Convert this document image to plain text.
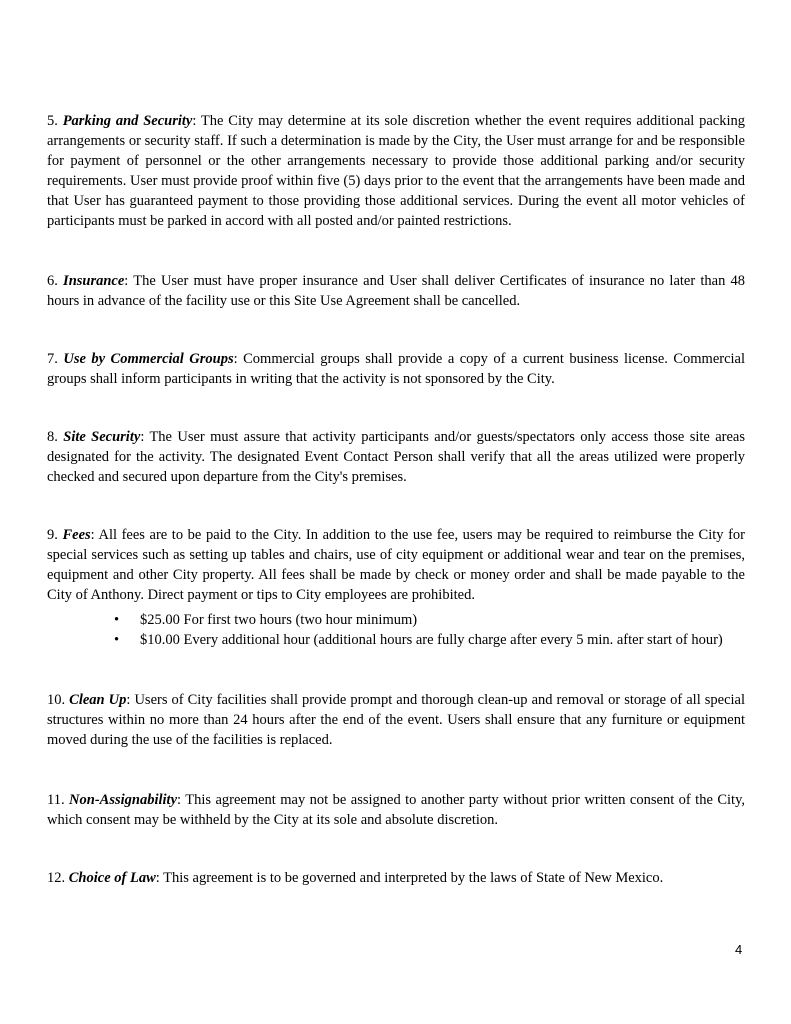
5. Parking and Security: The City may determine at its sole discretion whether the event requires additional packing arrangements or security staff. If such a determination is made by the City, the User must arrange for and be responsible for payment of personnel or the other arrangements necessary to provide those additional parking and/or security requirements. User must provide proof within five (5) days prior to the event that the arrangements have been made and that User has guaranteed payment to those providing those additional services. During the event all motor vehicles of participants must be parked in accord with all posted and/or painted restrictions.

6. Insurance: The User must have proper insurance and User shall deliver Certificates of insurance no later than 48 hours in advance of the facility use or this Site Use Agreement shall be cancelled.

7. Use by Commercial Groups: Commercial groups shall provide a copy of a current business license. Commercial groups shall inform participants in writing that the activity is not sponsored by the City.

8. Site Security: The User must assure that activity participants and/or guests/spectators only access those site areas designated for the activity. The designated Event Contact Person shall verify that all the areas utilized were properly checked and secured upon departure from the City's premises.

9. Fees: All fees are to be paid to the City. In addition to the use fee, users may be required to reimburse the City for special services such as setting up tables and chairs, use of city equipment or additional wear and tear on the premises, equipment and other City property. All fees shall be made by check or money order and shall be made payable to the City of Anthony. Direct payment or tips to City employees are prohibited.

• $25.00 For first two hours (two hour minimum)
• $10.00 Every additional hour (additional hours are fully charge after every 5 min. after start of hour)

10. Clean Up: Users of City facilities shall provide prompt and thorough clean-up and removal or storage of all special structures within no more than 24 hours after the end of the event. Users shall ensure that any furniture or equipment moved during the use of the facilities is replaced.

11. Non-Assignability: This agreement may not be assigned to another party without prior written consent of the City, which consent may be withheld by the City at its sole and absolute discretion.

12. Choice of Law: This agreement is to be governed and interpreted by the laws of State of New Mexico.

4
